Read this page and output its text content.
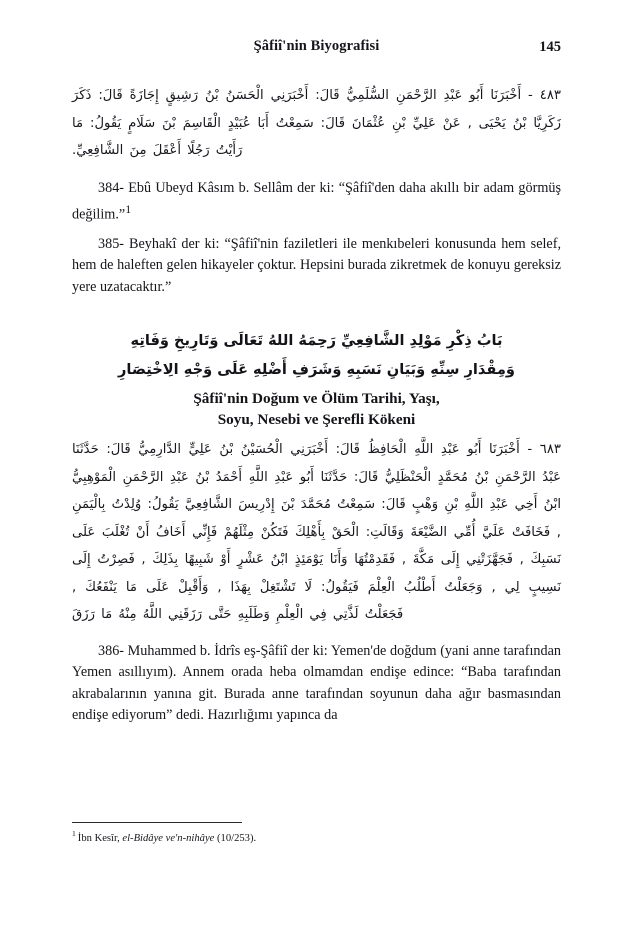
Şâfiî'nin Biyografisi	145
٣٨٤ - أَخْبَرَنَا أَبُو عَبْدِ الرَّحْمَنِ السُّلَمِيُّ قَالَ: أَخْبَرَنِي الْحَسَنُ بْنُ رَشِيقٍ إِجَازَةً قَالَ: ذَكَرَ زَكَرِيَّا بْنُ يَحْيَى , عَنْ عَلِيِّ بْنِ عُثْمَانَ قَالَ: سَمِعْتُ أَبَا عُبَيْدٍ الْقَاسِمَ بْنَ سَلَامٍ يَقُولُ: مَا رَأَيْتُ رَجُلًا أَعْقَلَ مِنَ الشَّافِعِيِّ.

384- Ebû Ubeyd Kâsım b. Sellâm der ki: “Şâfiî'den daha akıllı bir adam görmüş değilim.”$^1$

385- Beyhakî der ki: “Şâfiî'nin faziletleri ile menkıbeleri konusunda hem selef, hem de haleften gelen hikayeler çoktur. Hepsini burada zikretmek de konuyu gereksiz yere uzatacaktır.”

بَابُ ذِكْرِ مَوْلِدِ الشَّافِعِيِّ رَحِمَهُ اللهُ تَعَالَى وَتَارِيخِ وَفَاتِهِ
وَمِقْدَارِ سِنِّهِ وَبَيَانِ نَسَبِهِ وَشَرَفِ أَضْلِهِ عَلَى وَجْهِ الِاخْتِصَارِ
Şâfiî'nin Doğum ve Ölüm Tarihi, Yaşı,
Soyu, Nesebi ve Şerefli Kökeni
٣٨٦ - أَخْبَرَنَا أَبُو عَبْدِ اللَّهِ الْحَافِظُ قَالَ: أَخْبَرَنِي الْحُسَيْنُ بْنُ عَلِيٍّ الدَّارِمِيُّ قَالَ: حَدَّثَنَا عَبْدُ الرَّحْمَنِ بْنُ مُحَمَّدٍ الْحَنْظَلِيُّ قَالَ: حَدَّثَنَا أَبُو عَبْدِ اللَّهِ أَحْمَدُ بْنُ عَبْدِ الرَّحْمَنِ الْمَوْهِبِيُّ ابْنُ أَخِي عَبْدِ اللَّهِ بْنِ وَهْبٍ قَالَ: سَمِعْتُ مُحَمَّدَ بْنَ إِدْرِيسَ الشَّافِعِيَّ يَقُولُ: وُلِدْتُ بِالْيَمَنِ , فَخَافَتْ عَلَيَّ أُمِّي الضَّيْعَةَ وَقَالَتِ: الْحَقْ بِأَهْلِكَ فَتَكُنْ مِثْلَهُمْ فَإِنِّي أَخَافُ أَنْ تُغْلَبَ عَلَى نَسَبِكَ , فَجَهَّزَتْنِي إِلَى مَكَّةَ , فَقَدِمْتُهَا وَأَنَا يَوْمَئِذٍ ابْنُ عَشْرٍ أَوْ شَبِيهًا بِذَلِكَ , فَصِرْتُ إِلَى نَسِيبٍ لِي , وَجَعَلْتُ أَطْلُبُ الْعِلْمَ فَيَقُولُ: لَا تَشْتَغِلْ بِهَذَا , وَأَقْبِلْ عَلَى مَا يَنْفَعُكَ , فَجَعَلْتُ لَذَّتِي فِي الْعِلْمِ وَطَلَبِهِ حَتَّى رَزَقَنِي اللَّهُ مِنْهُ مَا رَزَقَ

386- Muhammed b. İdrîs eş-Şâfiî der ki: Yemen'de doğdum (yani anne tarafından Yemen asıllıyım). Annem orada heba olmamdan endişe edince: “Baba tarafından akrabalarının yanına git. Burada anne tarafından soyunun daha ağır basmasından endişe ediyorum” dedi. Hazırlığımı yapınca da

$^1$ İbn Kesîr, el-Bidâye ve'n-nihâye (10/253).
